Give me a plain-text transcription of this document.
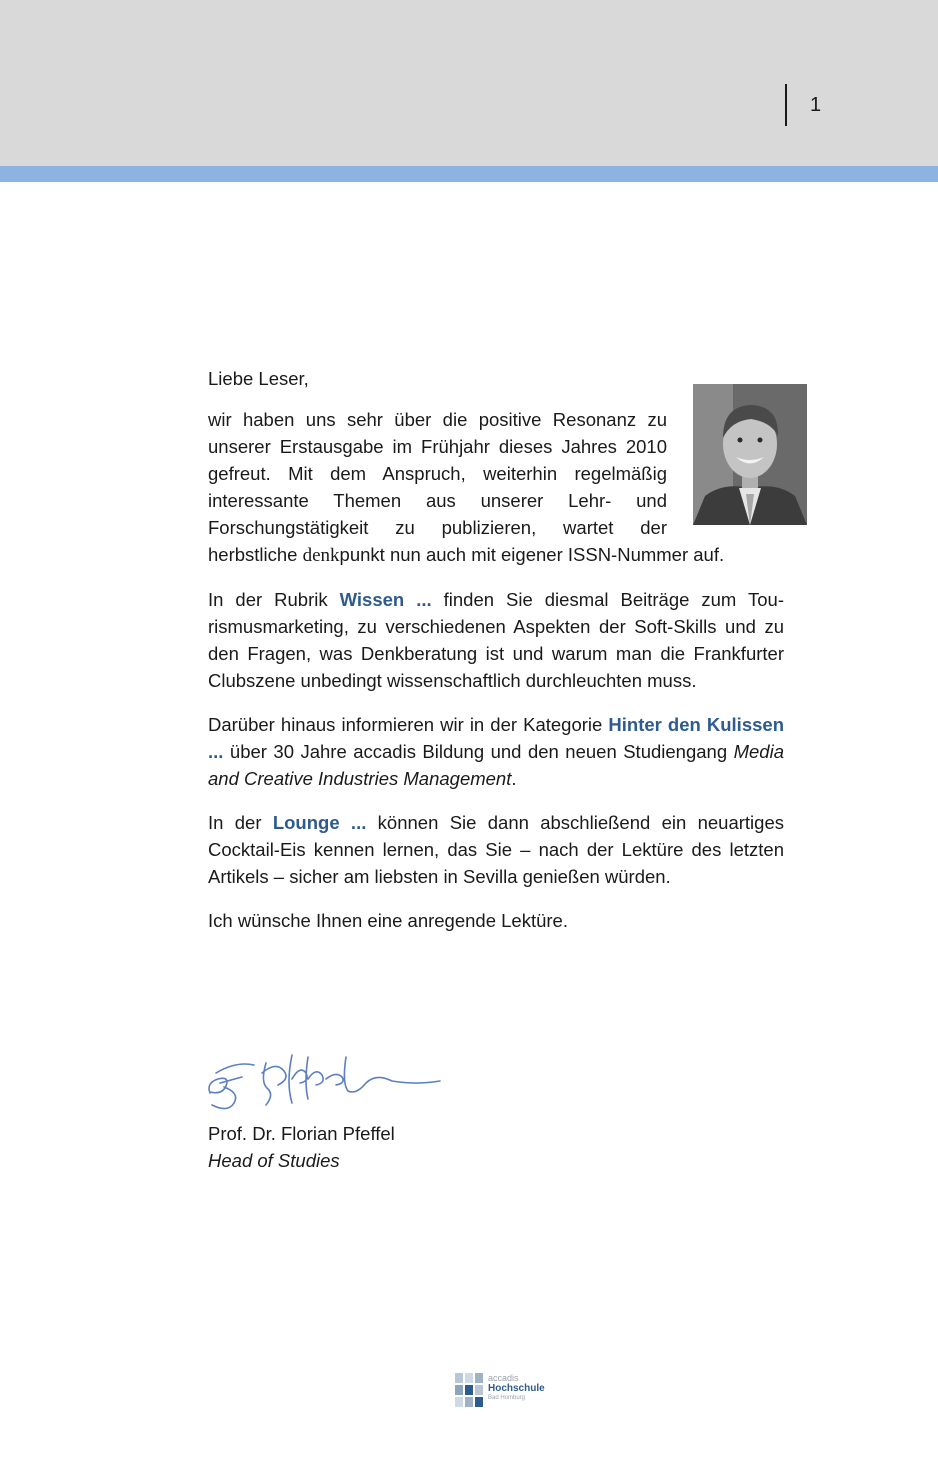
1

Liebe Leser,

wir haben uns sehr über die positive Resonanz zu unserer Erstausgabe im Frühjahr dieses Jahres 2010 gefreut. Mit dem Anspruch, weiterhin regelmäßig interessante Themen aus unserer Lehr- und Forschungstätigkeit zu publizieren, wartet der herbstliche denkpunkt nun auch mit eigener ISSN-Nummer auf.

In der Rubrik Wissen ... finden Sie diesmal Beiträge zum Tourismusmarketing, zu verschiedenen Aspekten der Soft-Skills und zu den Fragen, was Denkberatung ist und warum man die Frankfurter Clubszene unbedingt wissenschaftlich durchleuchten muss.

Darüber hinaus informieren wir in der Kategorie Hinter den Kulissen ... über 30 Jahre accadis Bildung und den neuen Studiengang Media and Creative Industries Management.

In der Lounge ... können Sie dann abschließend ein neuartiges Cocktail-Eis kennen lernen, das Sie – nach der Lektüre des letzten Artikels – sicher am liebsten in Sevilla genießen würden.

Ich wünsche Ihnen eine anregende Lektüre.

Prof. Dr. Florian Pfeffel
Head of Studies
accadis
Hochschule
Bad Homburg
